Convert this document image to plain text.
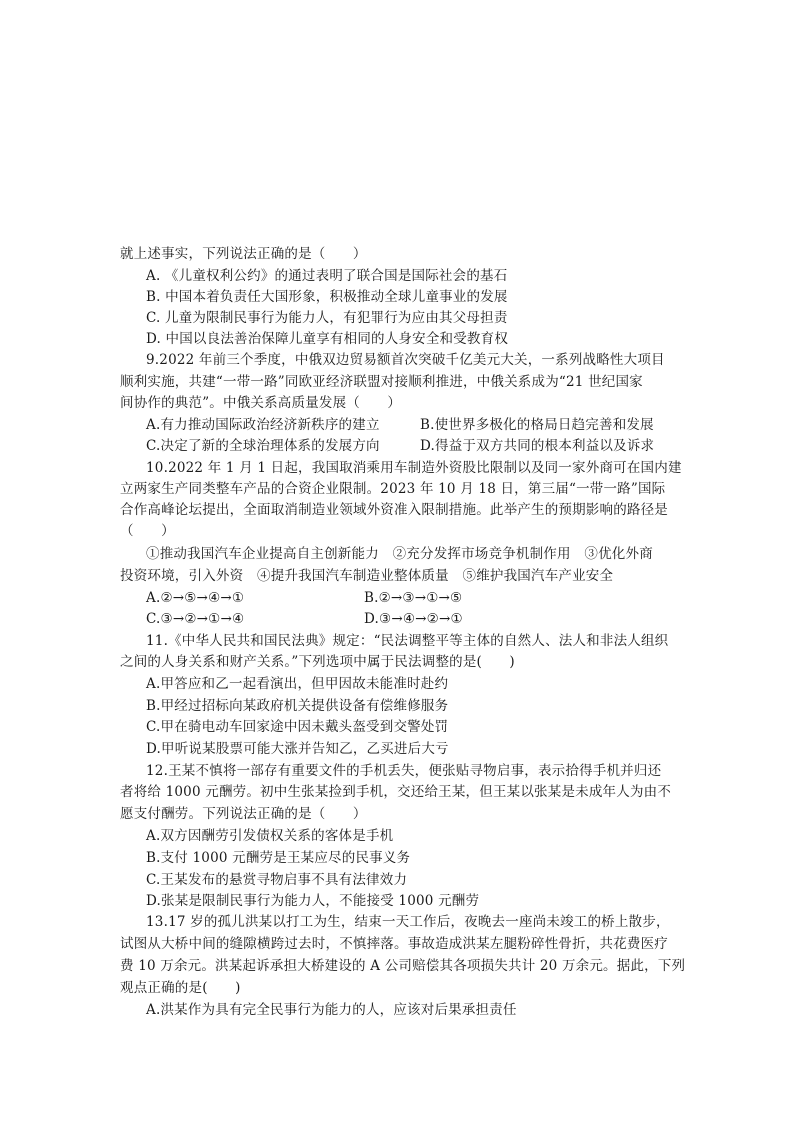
就上述事实，下列说法正确的是（　　）
A. 《儿童权利公约》的通过表明了联合国是国际社会的基石
B. 中国本着负责任大国形象，积极推动全球儿童事业的发展
C. 儿童为限制民事行为能力人，有犯罪行为应由其父母担责
D. 中国以良法善治保障儿童享有相同的人身安全和受教育权
9.2022 年前三个季度，中俄双边贸易额首次突破千亿美元大关，一系列战略性大项目
顺利实施，共建“一带一路”同欧亚经济联盟对接顺利推进，中俄关系成为“21 世纪国家
间协作的典范”。中俄关系高质量发展（　　）
A.有力推动国际政治经济新秩序的建立	B.使世界多极化的格局日趋完善和发展
C.决定了新的全球治理体系的发展方向	D.得益于双方共同的根本利益以及诉求
10.2022 年 1 月 1 日起，我国取消乘用车制造外资股比限制以及同一家外商可在国内建
立两家生产同类整车产品的合资企业限制。2023 年 10 月 18 日，第三届“一带一路”国际
合作高峰论坛提出，全面取消制造业领域外资准入限制措施。此举产生的预期影响的路径是
（　　）
①推动我国汽车企业提高自主创新能力　②充分发挥市场竞争机制作用　③优化外商
投资环境，引入外资　④提升我国汽车制造业整体质量　⑤维护我国汽车产业安全
A.②→⑤→④→①	B.②→③→①→⑤
C.③→②→①→④	D.③→④→②→①
11.《中华人民共和国民法典》规定：“民法调整平等主体的自然人、法人和非法人组织
之间的人身关系和财产关系。”下列选项中属于民法调整的是(　　)
A.甲答应和乙一起看演出，但甲因故未能准时赴约
B.甲经过招标向某政府机关提供设备有偿维修服务
C.甲在骑电动车回家途中因未戴头盔受到交警处罚
D.甲听说某股票可能大涨并告知乙，乙买进后大亏
12.王某不慎将一部存有重要文件的手机丢失，便张贴寻物启事，表示拾得手机并归还
者将给 1000 元酬劳。初中生张某捡到手机，交还给王某，但王某以张某是未成年人为由不
愿支付酬劳。下列说法正确的是（　　）
A.双方因酬劳引发债权关系的客体是手机
B.支付 1000 元酬劳是王某应尽的民事义务
C.王某发布的悬赏寻物启事不具有法律效力
D.张某是限制民事行为能力人，不能接受 1000 元酬劳
13.17 岁的孤儿洪某以打工为生，结束一天工作后，夜晚去一座尚未竣工的桥上散步，
试图从大桥中间的缝隙横跨过去时，不慎摔落。事故造成洪某左腿粉碎性骨折，共花费医疗
费 10 万余元。洪某起诉承担大桥建设的 A 公司赔偿其各项损失共计 20 万余元。据此，下列
观点正确的是(　　)
A.洪某作为具有完全民事行为能力的人，应该对后果承担责任
